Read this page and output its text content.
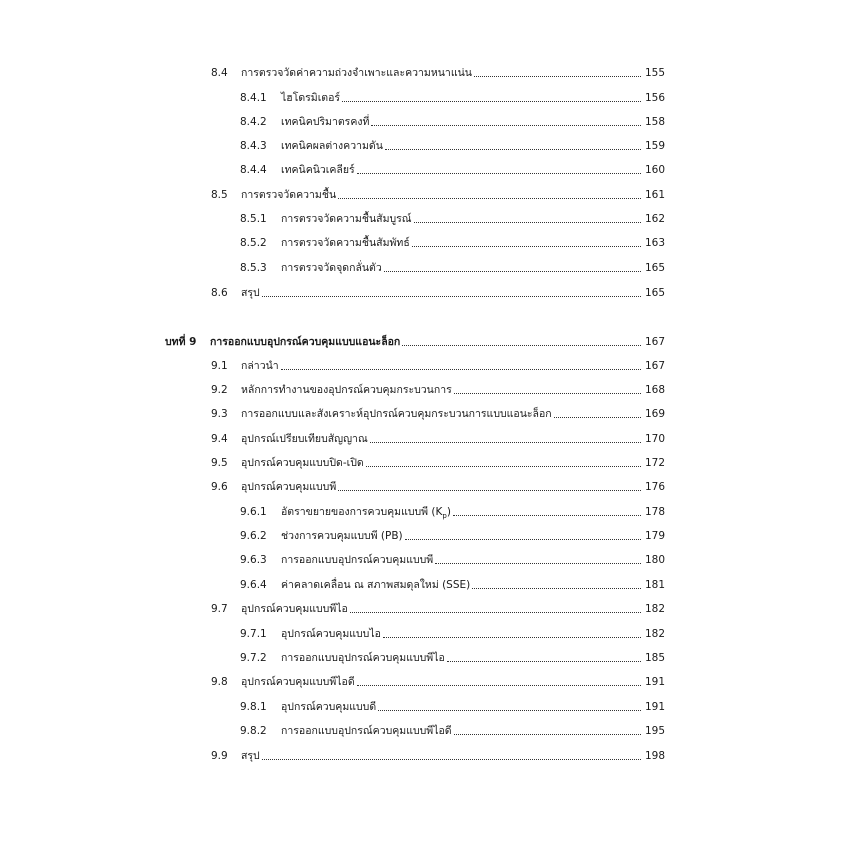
8.4	การตรวจวัดค่าความถ่วงจำเพาะและความหนาแน่น	155
8.4.1	ไฮโดรมิเตอร์	156
8.4.2	เทคนิคปริมาตรคงที่	158
8.4.3	เทคนิคผลต่างความดัน	159
8.4.4	เทคนิคนิวเคลียร์	160
8.5	การตรวจวัดความชื้น	161
8.5.1	การตรวจวัดความชื้นสัมบูรณ์	162
8.5.2	การตรวจวัดความชื้นสัมพัทธ์	163
8.5.3	การตรวจวัดจุดกลั่นตัว	165
8.6	สรุป	165
บทที่ 9	การออกแบบอุปกรณ์ควบคุมแบบแอนะล็อก	167
9.1	กล่าวนำ	167
9.2	หลักการทำงานของอุปกรณ์ควบคุมกระบวนการ	168
9.3	การออกแบบและสังเคราะห์อุปกรณ์ควบคุมกระบวนการแบบแอนะล็อก	169
9.4	อุปกรณ์เปรียบเทียบสัญญาณ	170
9.5	อุปกรณ์ควบคุมแบบปิด-เปิด	172
9.6	อุปกรณ์ควบคุมแบบพี	176
9.6.1	อัตราขยายของการควบคุมแบบพี $(K_p)$	178
9.6.2	ช่วงการควบคุมแบบพี (PB)	179
9.6.3	การออกแบบอุปกรณ์ควบคุมแบบพี	180
9.6.4	ค่าคลาดเคลื่อน ณ สภาพสมดุลใหม่ (SSE)	181
9.7	อุปกรณ์ควบคุมแบบพีไอ	182
9.7.1	อุปกรณ์ควบคุมแบบไอ	182
9.7.2	การออกแบบอุปกรณ์ควบคุมแบบพีไอ	185
9.8	อุปกรณ์ควบคุมแบบพีไอดี	191
9.8.1	อุปกรณ์ควบคุมแบบดี	191
9.8.2	การออกแบบอุปกรณ์ควบคุมแบบพีไอดี	195
9.9	สรุป	198
